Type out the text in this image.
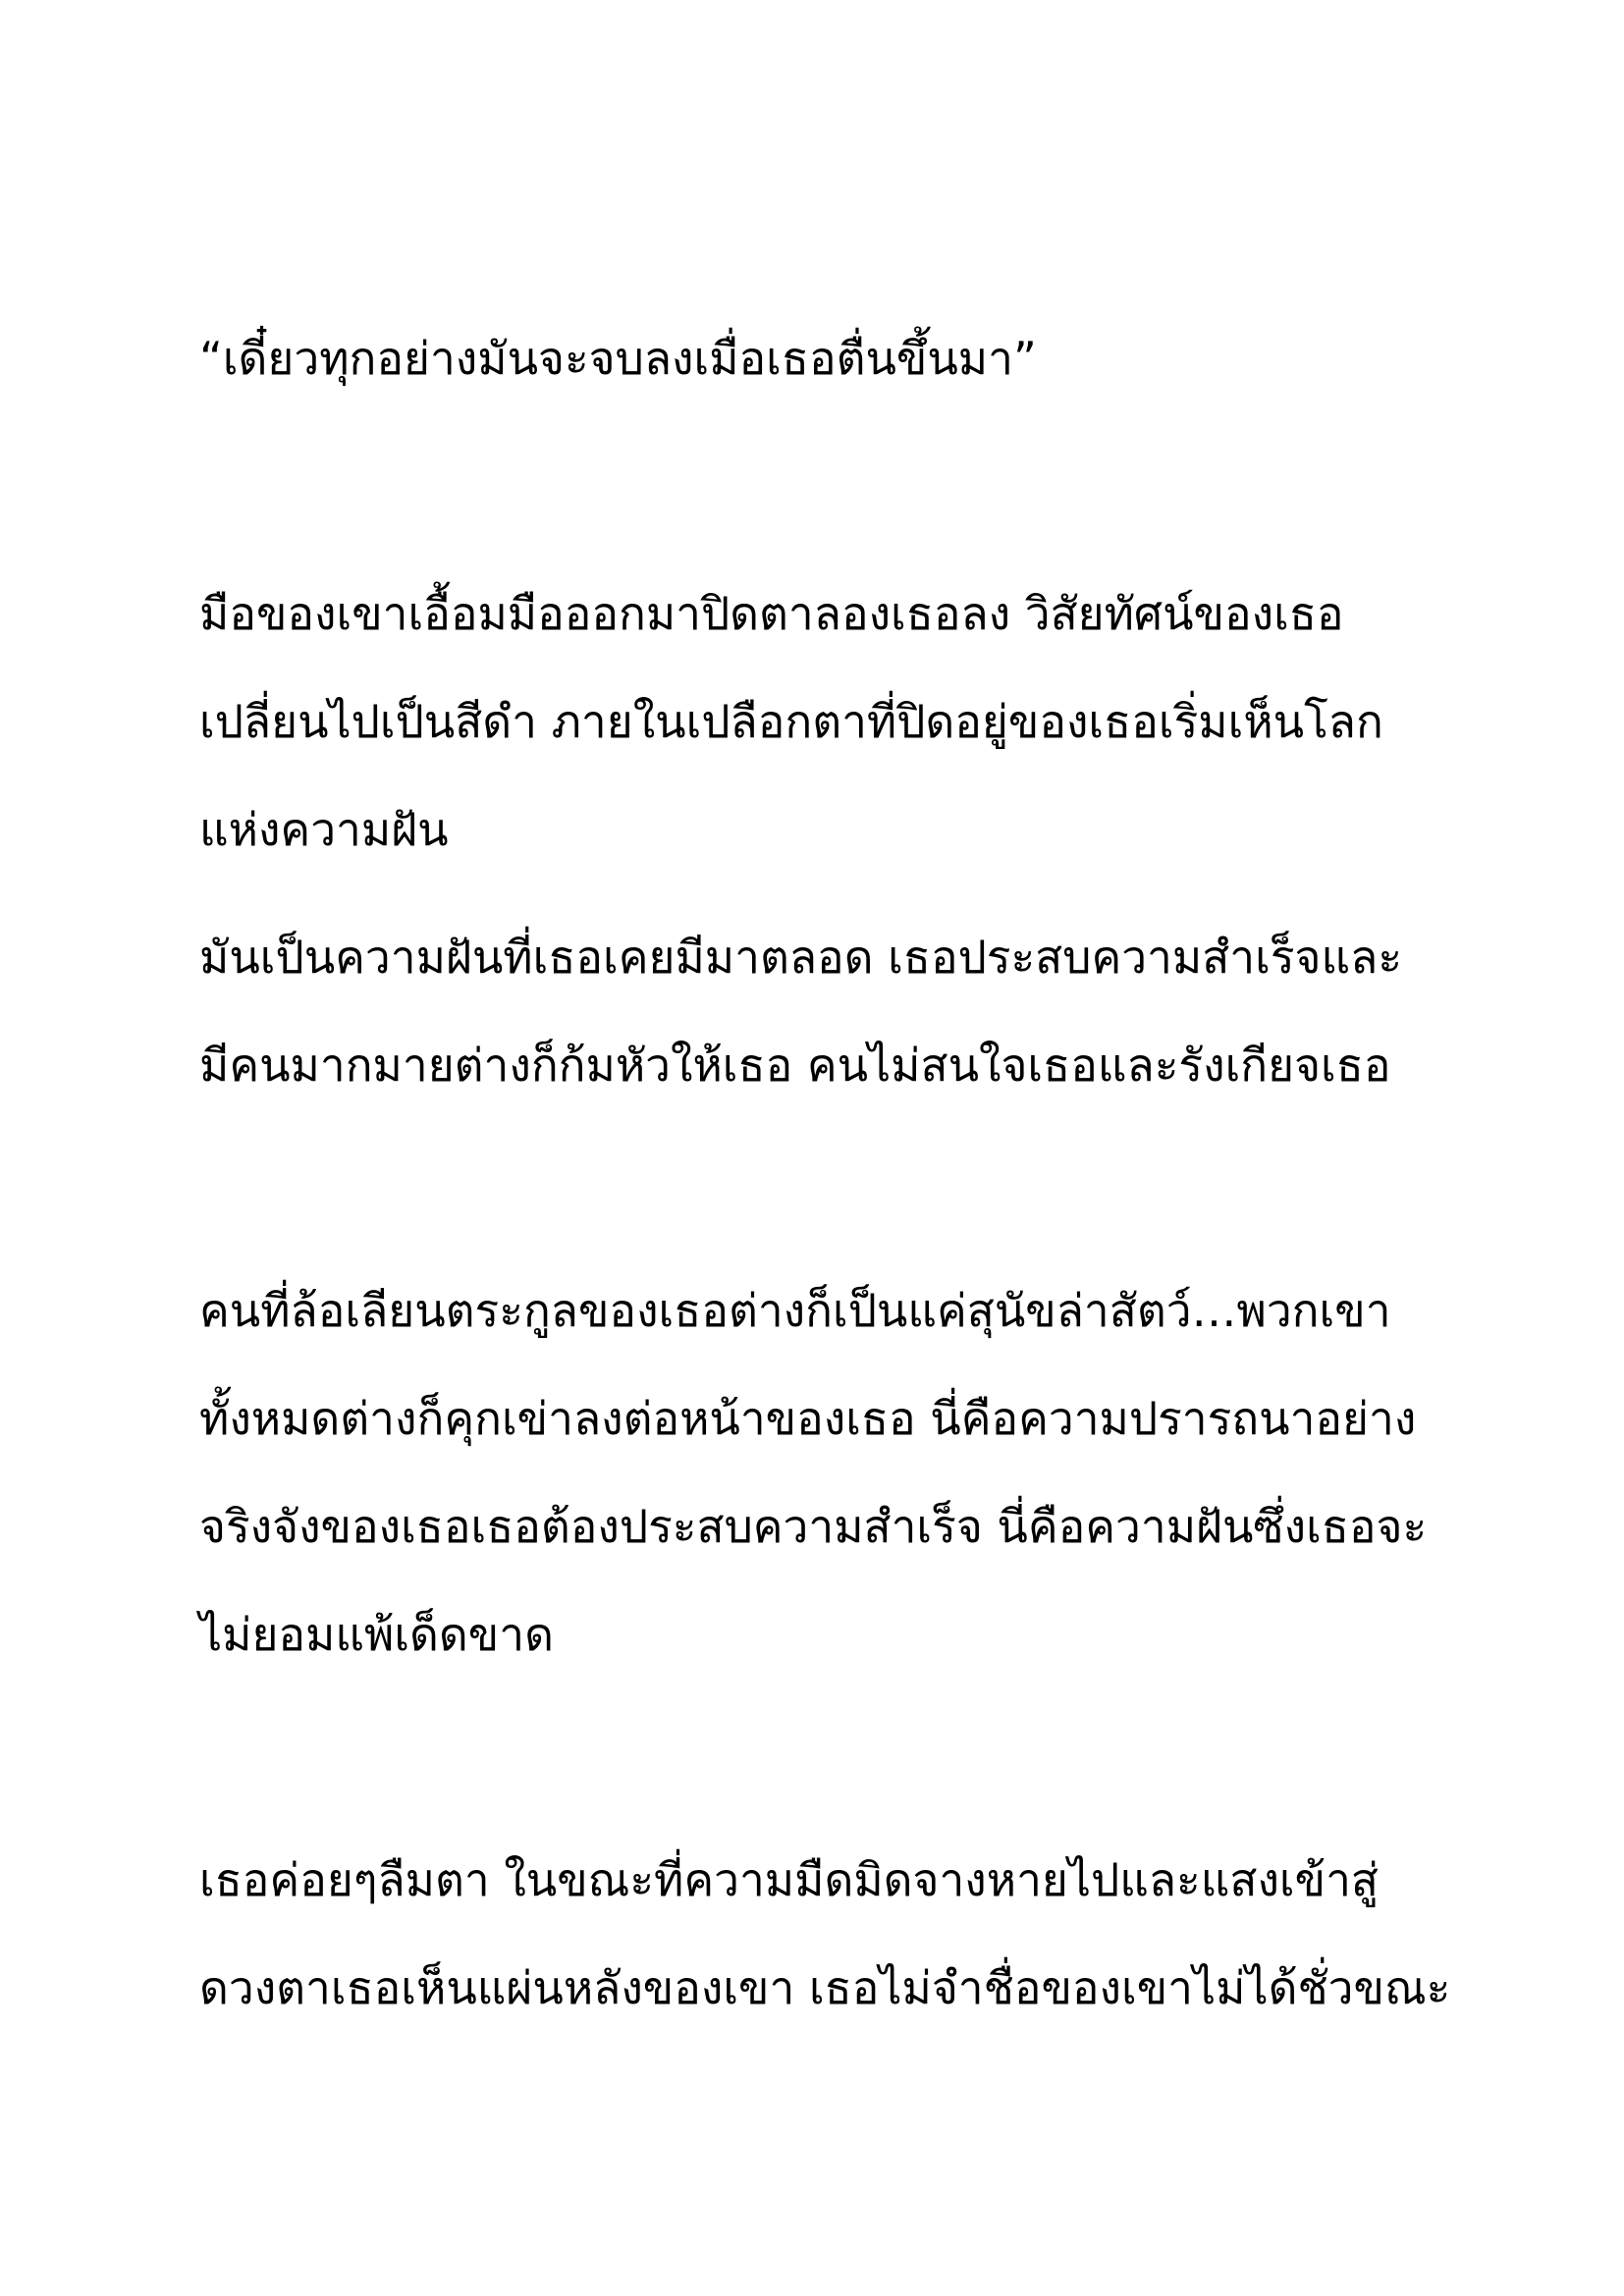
“เดี๋ยวทุกอย่างมันจะจบลงเมื่อเธอตื่นขึ้นมา”

มือของเขาเอื้อมมือออกมาปิดตาลองเธอลง วิสัยทัศน์ของเธอ

เปลี่ยนไปเป็นสีดำ ภายในเปลือกตาที่ปิดอยู่ของเธอเริ่มเห็นโลก

แห่งความฝัน

มันเป็นความฝันที่เธอเคยมีมาตลอด เธอประสบความสำเร็จและ

มีคนมากมายต่างก็ก้มหัวให้เธอ คนไม่สนใจเธอและรังเกียจเธอ

คนที่ล้อเลียนตระกูลของเธอต่างก็เป็นแค่สุนัขล่าสัตว์…พวกเขา

ทั้งหมดต่างก็คุกเข่าลงต่อหน้าของเธอ นี่คือความปรารถนาอย่าง

จริงจังของเธอเธอต้องประสบความสำเร็จ นี่คือความฝันซึ่งเธอจะ

ไม่ยอมแพ้เด็ดขาด

เธอค่อยๆลืมตา ในขณะที่ความมืดมิดจางหายไปและแสงเข้าสู่

ดวงตาเธอเห็นแผ่นหลังของเขา เธอไม่จำชื่อของเขาไม่ได้ชั่วขณะ
